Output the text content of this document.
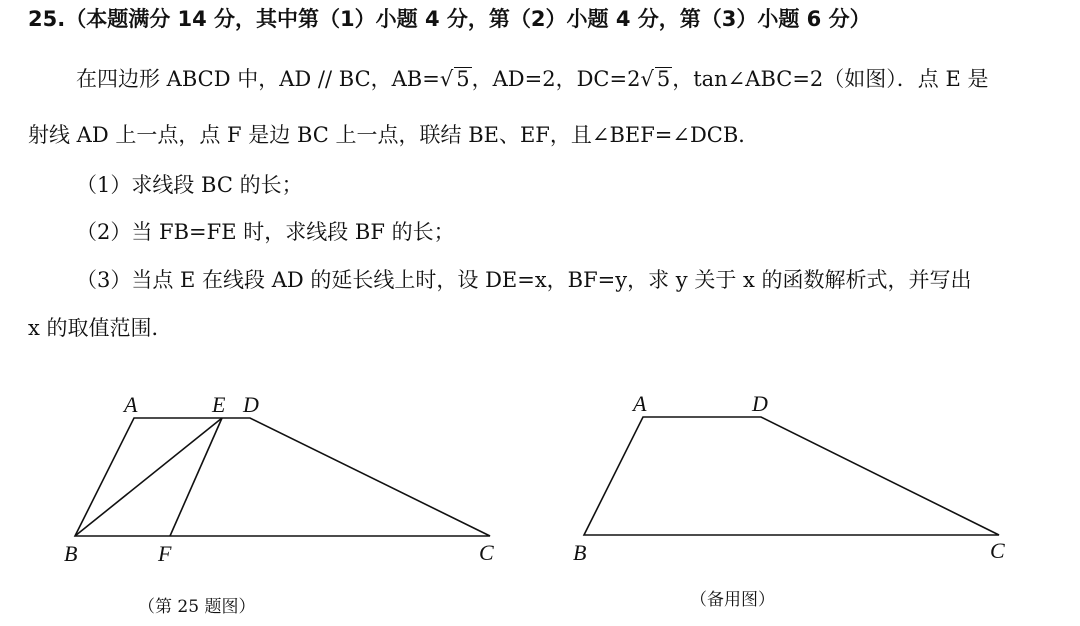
25.（本题满分 14 分，其中第（1）小题 4 分，第（2）小题 4 分，第（3）小题 6 分）
在四边形 ABCD 中，AD // BC，AB=√ 5，AD=2，DC=2√ 5，tan∠ABC=2（如图）．点 E 是
射线 AD 上一点，点 F 是边 BC 上一点，联结 BE、EF，且∠BEF=∠DCB．
（1）求线段 BC 的长；
（2）当 FB=FE 时，求线段 BF 的长；
（3）当点 E 在线段 AD 的延长线上时，设 DE=x，BF=y，求 y 关于 x 的函数解析式，并写出
x 的取值范围．
A	E D
B	F	C
（第 25 题图）
A	D
B	C
（备用图）
